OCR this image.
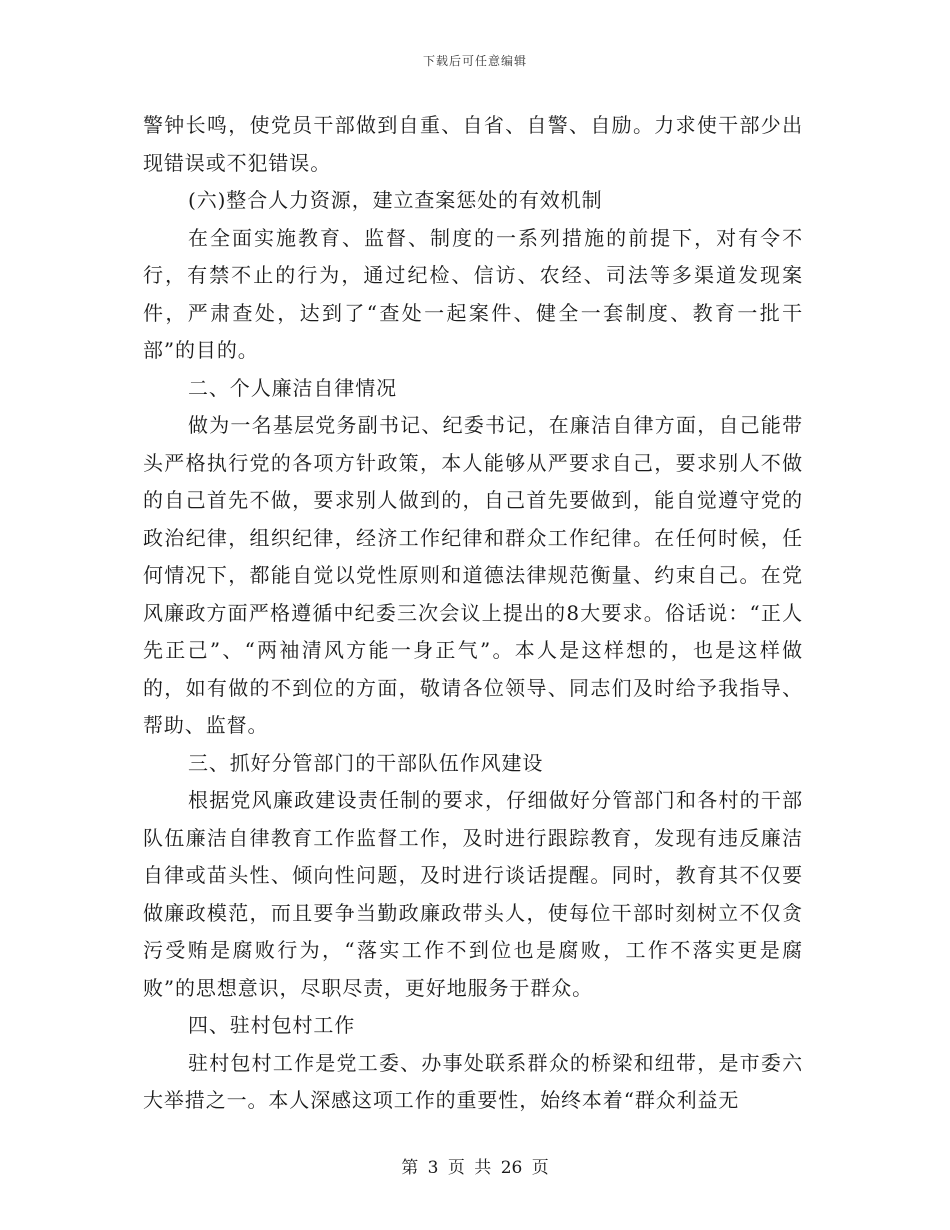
下载后可任意编辑

警钟长鸣，使党员干部做到自重、自省、自警、自励。力求使干部少出现错误或不犯错误。

(六)整合人力资源，建立查案惩处的有效机制

在全面实施教育、监督、制度的一系列措施的前提下，对有令不行，有禁不止的行为，通过纪检、信访、农经、司法等多渠道发现案件，严肃查处，达到了“查处一起案件、健全一套制度、教育一批干部”的目的。

二、个人廉洁自律情况

做为一名基层党务副书记、纪委书记，在廉洁自律方面，自己能带头严格执行党的各项方针政策，本人能够从严要求自己，要求别人不做的自己首先不做，要求别人做到的，自己首先要做到，能自觉遵守党的政治纪律，组织纪律，经济工作纪律和群众工作纪律。在任何时候，任何情况下，都能自觉以党性原则和道德法律规范衡量、约束自己。在党风廉政方面严格遵循中纪委三次会议上提出的8大要求。俗话说：“正人先正己”、“两袖清风方能一身正气”。本人是这样想的，也是这样做的，如有做的不到位的方面，敬请各位领导、同志们及时给予我指导、帮助、监督。

三、抓好分管部门的干部队伍作风建设

根据党风廉政建设责任制的要求，仔细做好分管部门和各村的干部队伍廉洁自律教育工作监督工作，及时进行跟踪教育，发现有违反廉洁自律或苗头性、倾向性问题，及时进行谈话提醒。同时，教育其不仅要做廉政模范，而且要争当勤政廉政带头人，使每位干部时刻树立不仅贪污受贿是腐败行为，“落实工作不到位也是腐败，工作不落实更是腐败”的思想意识，尽职尽责，更好地服务于群众。

四、驻村包村工作

驻村包村工作是党工委、办事处联系群众的桥梁和纽带，是市委六大举措之一。本人深感这项工作的重要性，始终本着“群众利益无

第 3 页 共 26 页
